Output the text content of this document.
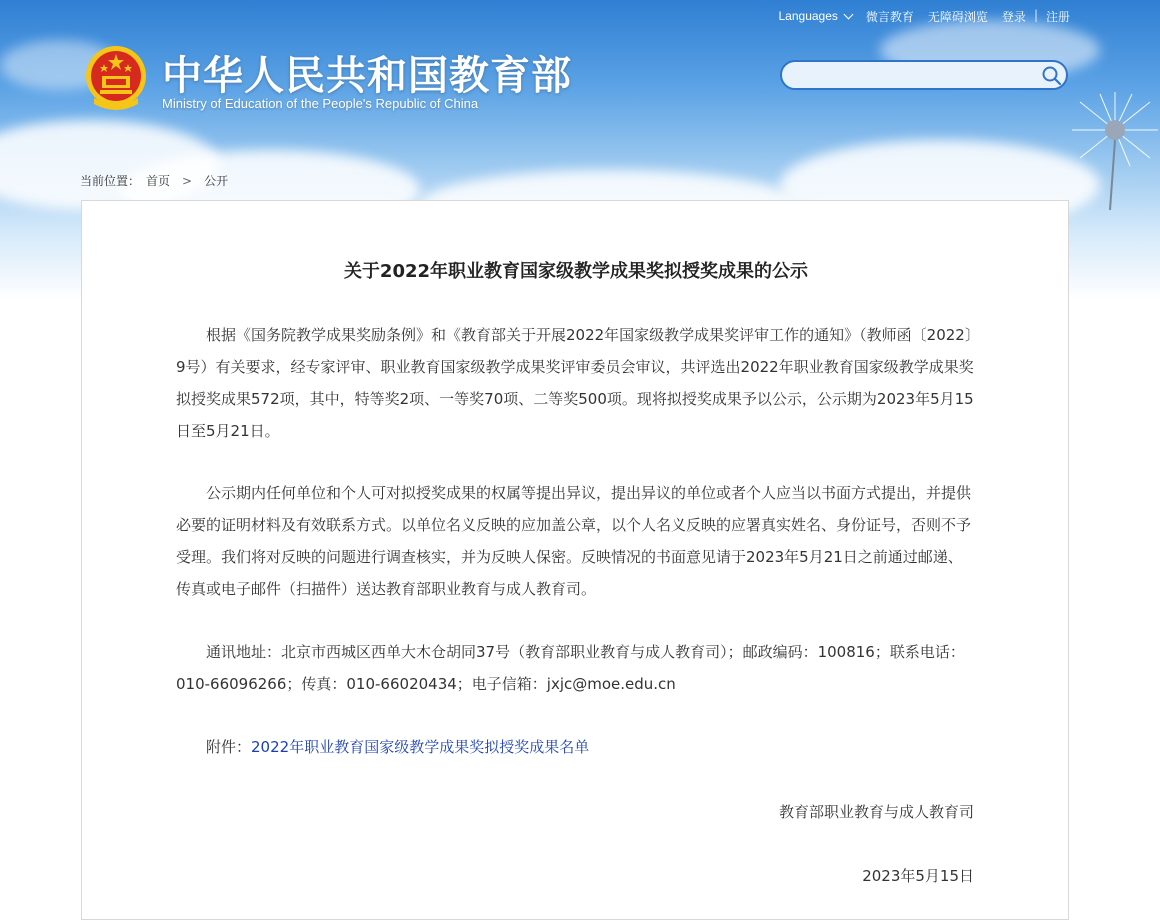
Languages 微言教育 无障碍浏览 登录 | 注册
中华人民共和国教育部
Ministry of Education of the People's Republic of China
当前位置： 首页 > 公开
关于2022年职业教育国家级教学成果奖拟授奖成果的公示

根据《国务院教学成果奖励条例》和《教育部关于开展2022年国家级教学成果奖评审工作的通知》（教师函〔2022〕9号）有关要求，经专家评审、职业教育国家级教学成果奖评审委员会审议，共评选出2022年职业教育国家级教学成果奖拟授奖成果572项，其中，特等奖2项、一等奖70项、二等奖500项。现将拟授奖成果予以公示，公示期为2023年5月15日至5月21日。

公示期内任何单位和个人可对拟授奖成果的权属等提出异议，提出异议的单位或者个人应当以书面方式提出，并提供必要的证明材料及有效联系方式。以单位名义反映的应加盖公章，以个人名义反映的应署真实姓名、身份证号，否则不予受理。我们将对反映的问题进行调查核实，并为反映人保密。反映情况的书面意见请于2023年5月21日之前通过邮递、传真或电子邮件（扫描件）送达教育部职业教育与成人教育司。

通讯地址：北京市西城区西单大木仓胡同37号（教育部职业教育与成人教育司）；邮政编码：100816；联系电话：010-66096266；传真：010-66020434；电子信箱：jxjc@moe.edu.cn

附件：2022年职业教育国家级教学成果奖拟授奖成果名单

教育部职业教育与成人教育司
2023年5月15日
